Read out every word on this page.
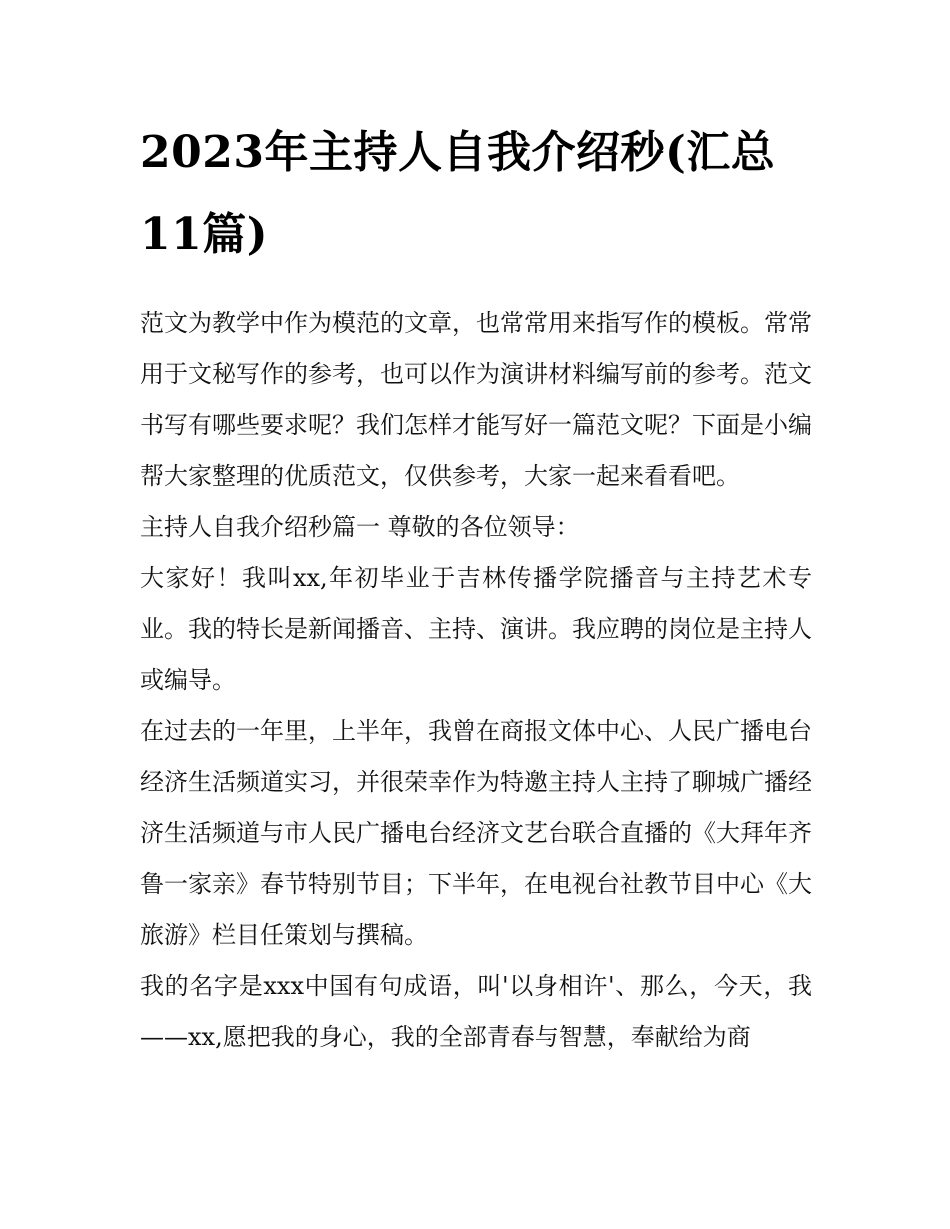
2023年主持人自我介绍秒(汇总11篇)

范文为教学中作为模范的文章，也常常用来指写作的模板。常常用于文秘写作的参考，也可以作为演讲材料编写前的参考。范文书写有哪些要求呢？我们怎样才能写好一篇范文呢？下面是小编帮大家整理的优质范文，仅供参考，大家一起来看看吧。

主持人自我介绍秒篇一 尊敬的各位领导：

大家好！我叫xx,年初毕业于吉林传播学院播音与主持艺术专业。我的特长是新闻播音、主持、演讲。我应聘的岗位是主持人或编导。

在过去的一年里，上半年，我曾在商报文体中心、人民广播电台经济生活频道实习，并很荣幸作为特邀主持人主持了聊城广播经济生活频道与市人民广播电台经济文艺台联合直播的《大拜年齐鲁一家亲》春节特别节目；下半年，在电视台社教节目中心《大旅游》栏目任策划与撰稿。

我的名字是xxx中国有句成语，叫'以身相许'、那么，今天，我——xx,愿把我的身心，我的全部青春与智慧，奉献给为商
